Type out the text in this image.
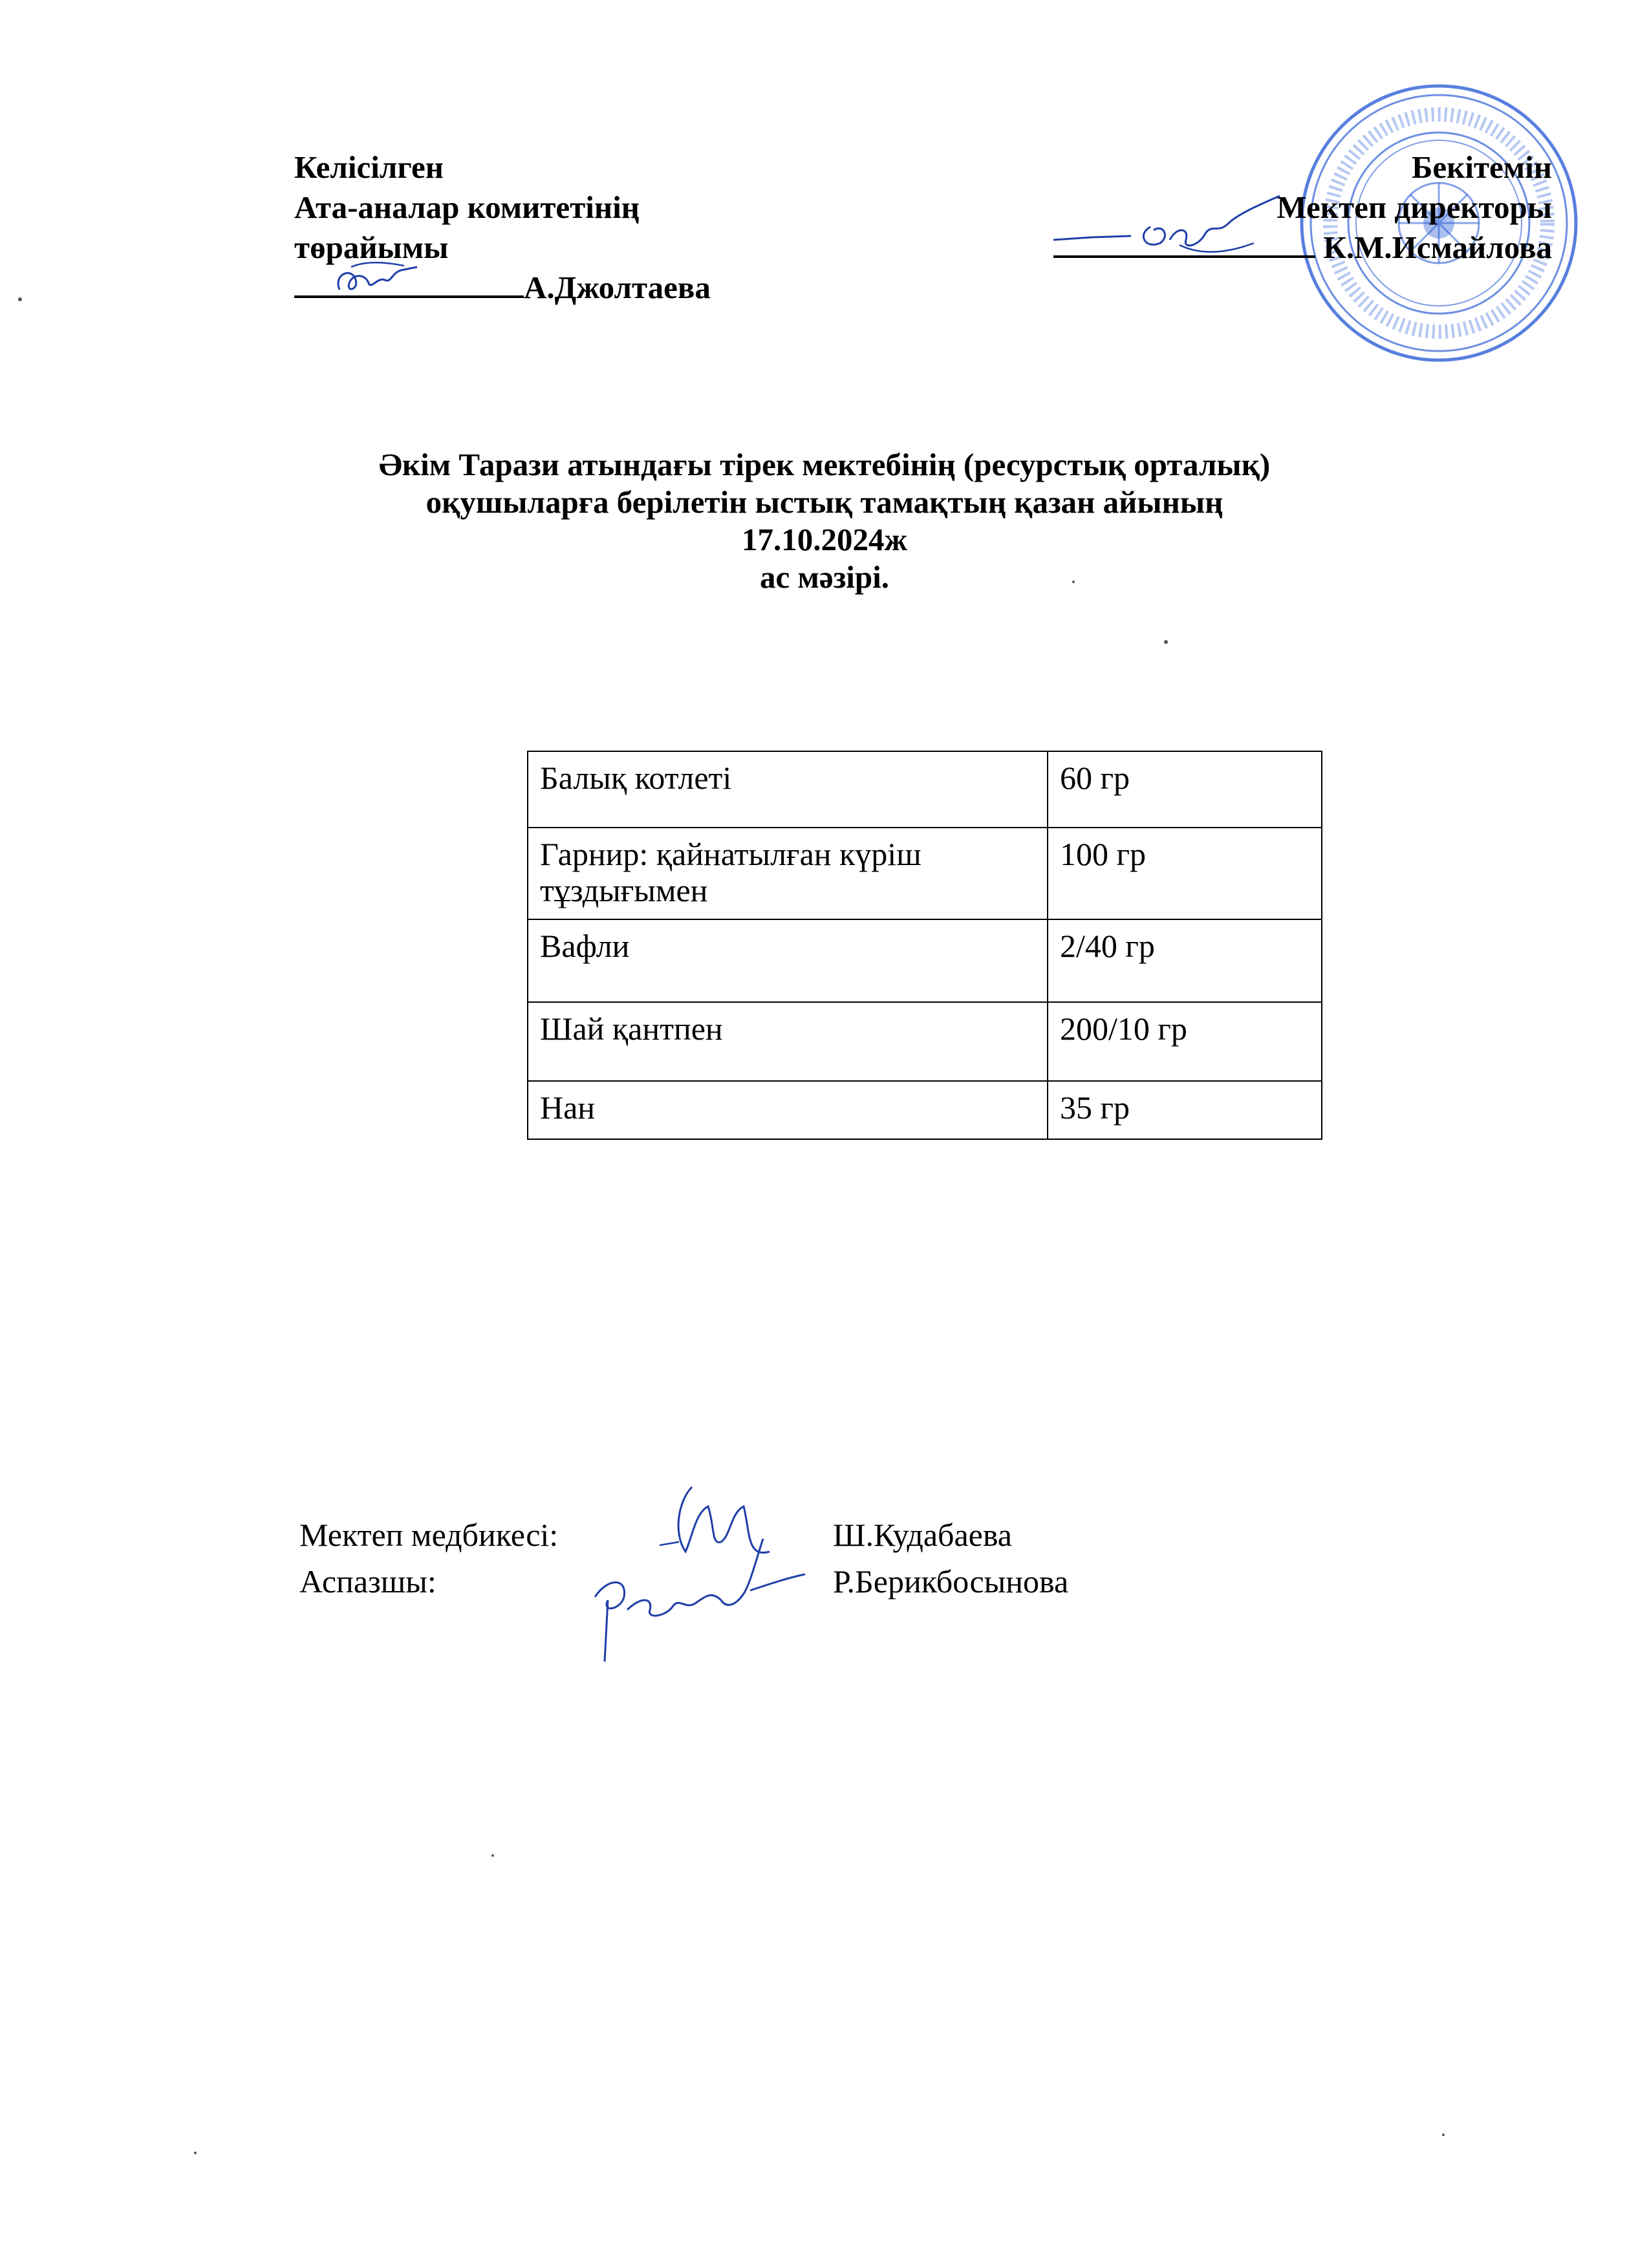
Келісілген
Ата-аналар комитетінің
төрайымы
А.Джолтаева
Бекітемін
Мектеп директоры
К.М.Исмайлова
Әкім Тарази атындағы тірек мектебінің (ресурстық орталық)
оқушыларға берілетін ыстық тамақтың қазан айының
17.10.2024ж
ас мәзірі.
Балық котлеті	60 гр
Гарнир: қайнатылған күріш тұздығымен	100 гр
Вафли	2/40 гр
Шай қантпен	200/10 гр
Нан	35 гр
Мектеп медбикесі:	Ш.Кудабаева
Аспазшы:	Р.Берикбосынова
